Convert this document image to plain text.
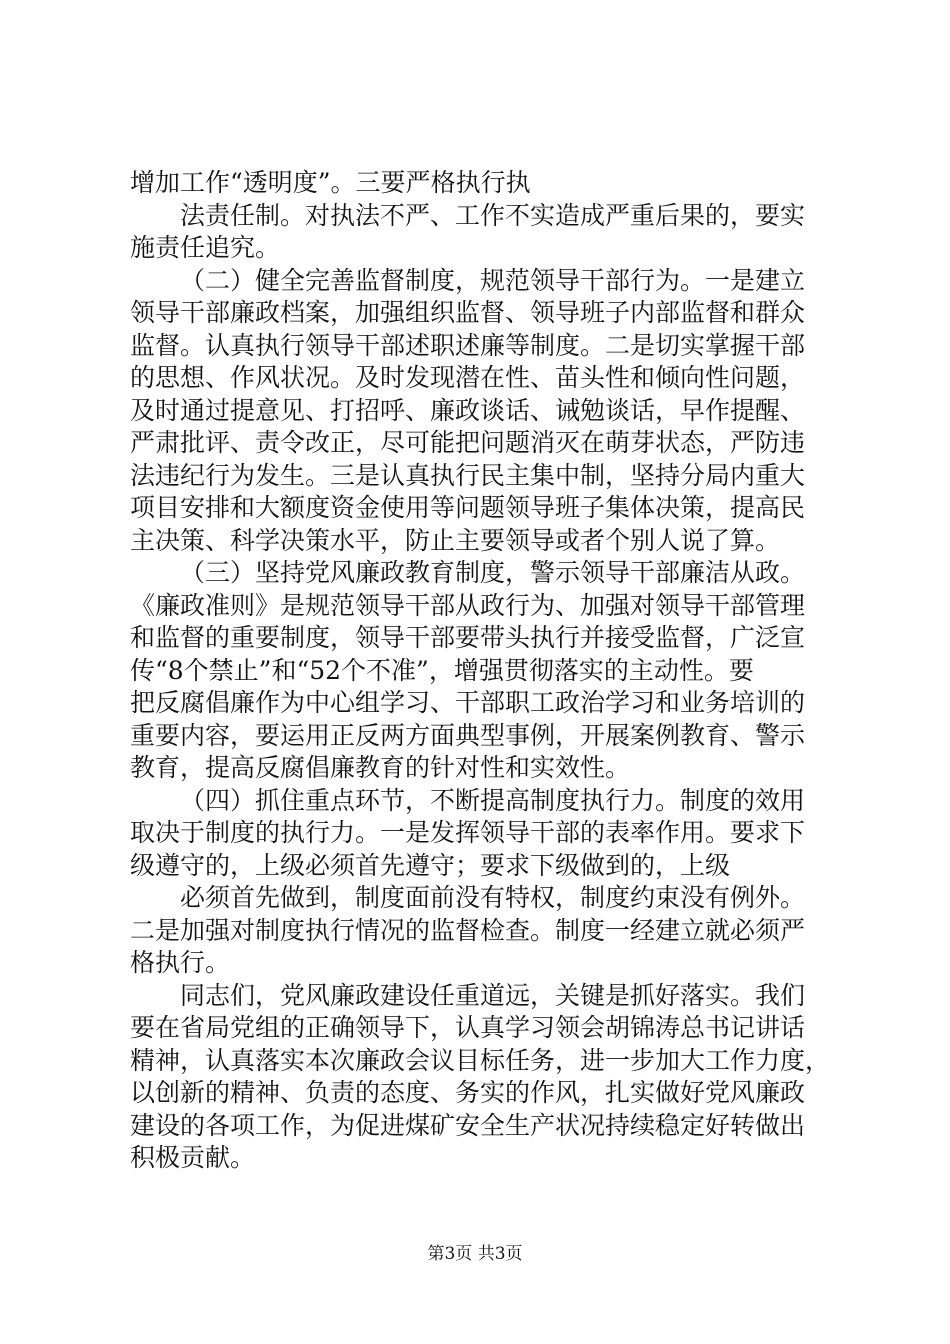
增加工作“透明度”。三要严格执行执
法责任制。对执法不严、工作不实造成严重后果的，要实
施责任追究。
（二）健全完善监督制度，规范领导干部行为。一是建立
领导干部廉政档案，加强组织监督、领导班子内部监督和群众
监督。认真执行领导干部述职述廉等制度。二是切实掌握干部
的思想、作风状况。及时发现潜在性、苗头性和倾向性问题，
及时通过提意见、打招呼、廉政谈话、诫勉谈话，早作提醒、
严肃批评、责令改正，尽可能把问题消灭在萌芽状态，严防违
法违纪行为发生。三是认真执行民主集中制，坚持分局内重大
项目安排和大额度资金使用等问题领导班子集体决策，提高民
主决策、科学决策水平，防止主要领导或者个别人说了算。
（三）坚持党风廉政教育制度，警示领导干部廉洁从政。
《廉政准则》是规范领导干部从政行为、加强对领导干部管理
和监督的重要制度，领导干部要带头执行并接受监督，广泛宣
传“8个禁止”和“52个不准”，增强贯彻落实的主动性。要
把反腐倡廉作为中心组学习、干部职工政治学习和业务培训的
重要内容，要运用正反两方面典型事例，开展案例教育、警示
教育，提高反腐倡廉教育的针对性和实效性。
（四）抓住重点环节，不断提高制度执行力。制度的效用
取决于制度的执行力。一是发挥领导干部的表率作用。要求下
级遵守的，上级必须首先遵守；要求下级做到的，上级
必须首先做到，制度面前没有特权，制度约束没有例外。
二是加强对制度执行情况的监督检查。制度一经建立就必须严
格执行。
同志们，党风廉政建设任重道远，关键是抓好落实。我们
要在省局党组的正确领导下，认真学习领会胡锦涛总书记讲话
精神，认真落实本次廉政会议目标任务，进一步加大工作力度，
以创新的精神、负责的态度、务实的作风，扎实做好党风廉政
建设的各项工作，为促进煤矿安全生产状况持续稳定好转做出
积极贡献。
第3页 共3页
